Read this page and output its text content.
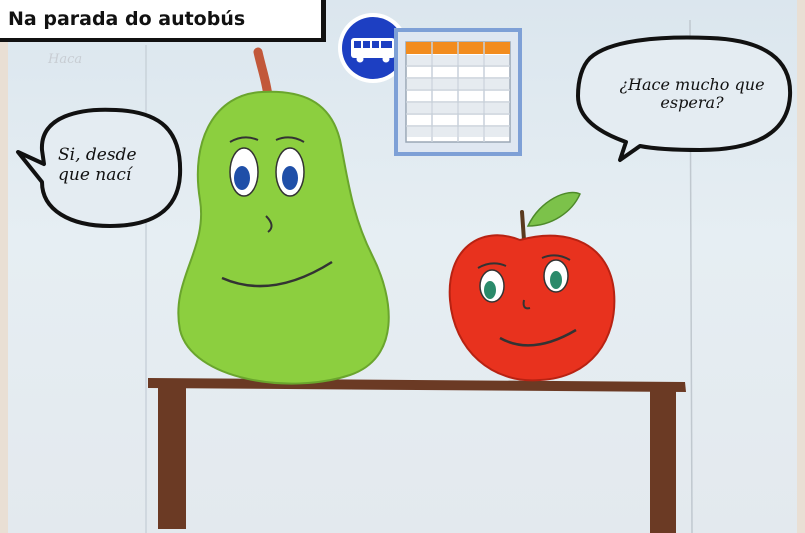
Haca
Si, desde
que nací
¿Hace mucho que
espera?
Na parada do autobús
